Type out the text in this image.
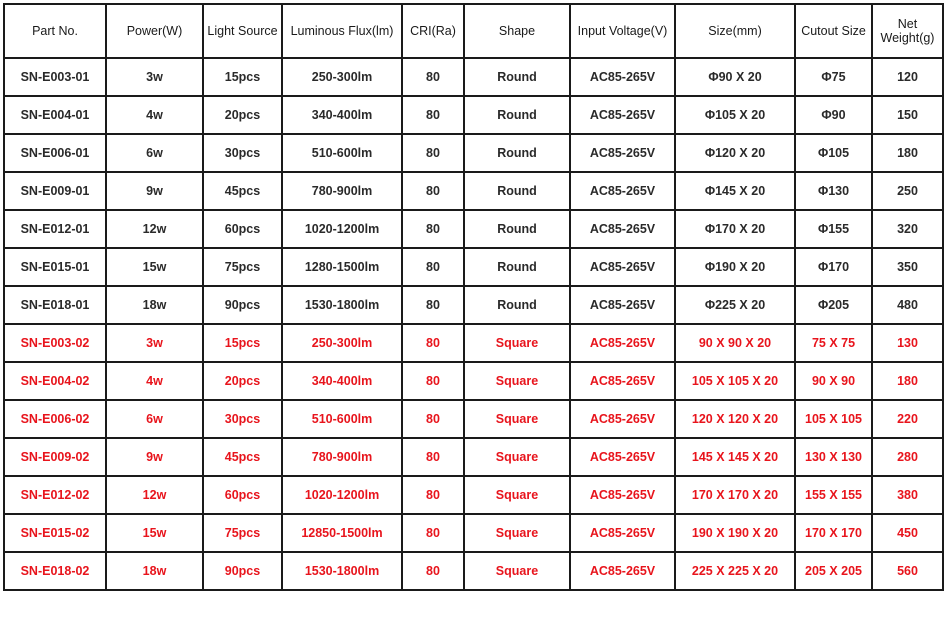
Part No.	Power(W)	Light Source	Luminous Flux(lm)	CRI(Ra)	Shape	Input Voltage(V)	Size(mm)	Cutout Size	Net Weight(g)
SN-E003-01	3w	15pcs	250-300lm	80	Round	AC85-265V	Φ90 X 20	Φ75	120
SN-E004-01	4w	20pcs	340-400lm	80	Round	AC85-265V	Φ105 X 20	Φ90	150
SN-E006-01	6w	30pcs	510-600lm	80	Round	AC85-265V	Φ120 X 20	Φ105	180
SN-E009-01	9w	45pcs	780-900lm	80	Round	AC85-265V	Φ145 X 20	Φ130	250
SN-E012-01	12w	60pcs	1020-1200lm	80	Round	AC85-265V	Φ170 X 20	Φ155	320
SN-E015-01	15w	75pcs	1280-1500lm	80	Round	AC85-265V	Φ190 X 20	Φ170	350
SN-E018-01	18w	90pcs	1530-1800lm	80	Round	AC85-265V	Φ225 X 20	Φ205	480
SN-E003-02	3w	15pcs	250-300lm	80	Square	AC85-265V	90 X 90 X 20	75 X 75	130
SN-E004-02	4w	20pcs	340-400lm	80	Square	AC85-265V	105 X 105 X 20	90 X 90	180
SN-E006-02	6w	30pcs	510-600lm	80	Square	AC85-265V	120 X 120 X 20	105 X 105	220
SN-E009-02	9w	45pcs	780-900lm	80	Square	AC85-265V	145 X 145 X 20	130 X 130	280
SN-E012-02	12w	60pcs	1020-1200lm	80	Square	AC85-265V	170 X 170 X 20	155 X 155	380
SN-E015-02	15w	75pcs	12850-1500lm	80	Square	AC85-265V	190 X 190 X 20	170 X 170	450
SN-E018-02	18w	90pcs	1530-1800lm	80	Square	AC85-265V	225 X 225 X 20	205 X 205	560
